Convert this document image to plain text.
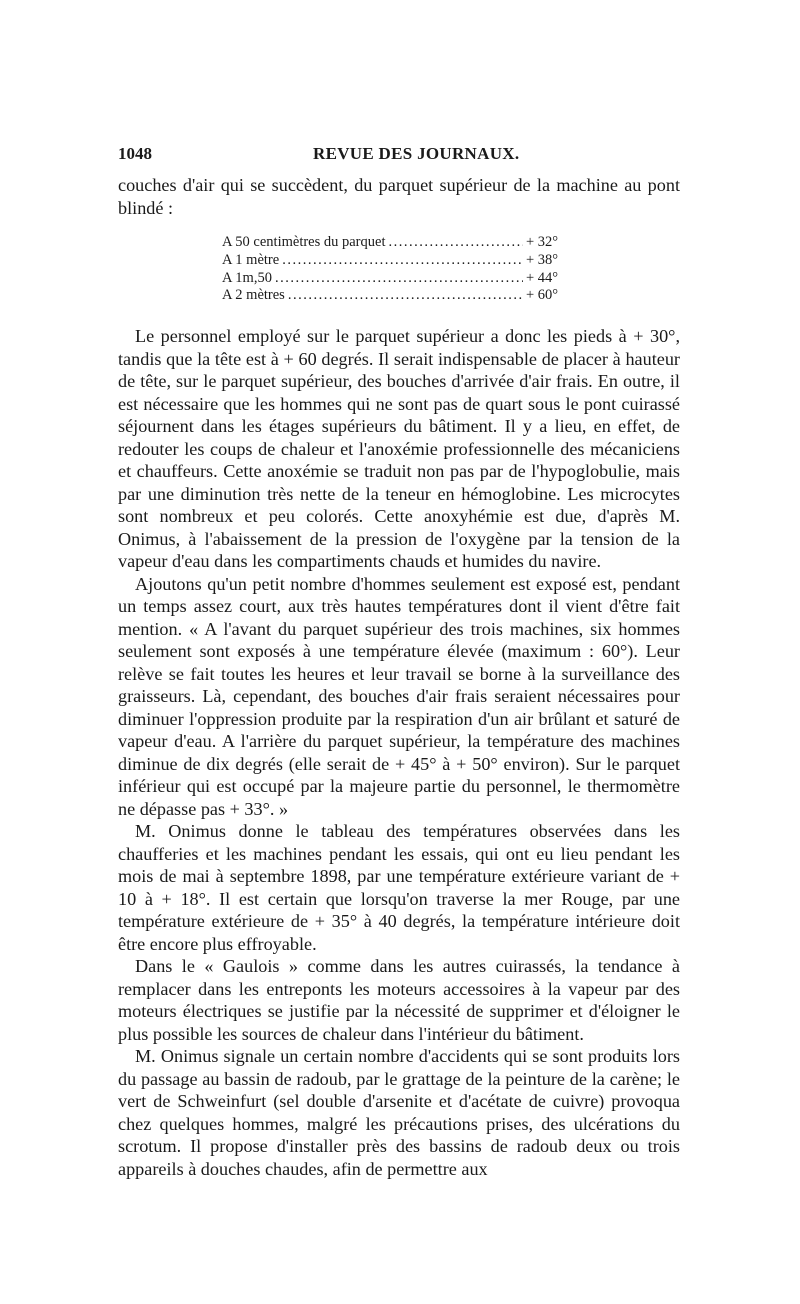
1048	REVUE DES JOURNAUX.

couches d'air qui se succèdent, du parquet supérieur de la machine au pont blindé :

A 50 centimètres du parquet .....	+ 32°
A 1 mètre .....	+ 38°
A 1m,50 .....	+ 44°
A 2 mètres .....	+ 60°

Le personnel employé sur le parquet supérieur a donc les pieds à + 30°, tandis que la tête est à + 60 degrés. Il serait indispensable de placer à hauteur de tête, sur le parquet supérieur, des bouches d'arrivée d'air frais. En outre, il est nécessaire que les hommes qui ne sont pas de quart sous le pont cuirassé séjournent dans les étages supérieurs du bâtiment. Il y a lieu, en effet, de redouter les coups de chaleur et l'anoxémie professionnelle des mécaniciens et chauffeurs. Cette anoxémie se traduit non pas par de l'hypoglobulie, mais par une diminution très nette de la teneur en hémoglobine. Les microcytes sont nombreux et peu colorés. Cette anoxyhémie est due, d'après M. Onimus, à l'abaissement de la pression de l'oxygène par la tension de la vapeur d'eau dans les compartiments chauds et humides du navire.

Ajoutons qu'un petit nombre d'hommes seulement est exposé est, pendant un temps assez court, aux très hautes températures dont il vient d'être fait mention. « A l'avant du parquet supérieur des trois machines, six hommes seulement sont exposés à une température élevée (maximum : 60°). Leur relève se fait toutes les heures et leur travail se borne à la surveillance des graisseurs. Là, cependant, des bouches d'air frais seraient nécessaires pour diminuer l'oppression produite par la respiration d'un air brûlant et saturé de vapeur d'eau. A l'arrière du parquet supérieur, la température des machines diminue de dix degrés (elle serait de + 45° à + 50° environ). Sur le parquet inférieur qui est occupé par la majeure partie du personnel, le thermomètre ne dépasse pas + 33°. »

M. Onimus donne le tableau des températures observées dans les chaufferies et les machines pendant les essais, qui ont eu lieu pendant les mois de mai à septembre 1898, par une température extérieure variant de + 10 à + 18°. Il est certain que lorsqu'on traverse la mer Rouge, par une température extérieure de + 35° à 40 degrés, la température intérieure doit être encore plus effroyable.

Dans le « Gaulois » comme dans les autres cuirassés, la tendance à remplacer dans les entreponts les moteurs accessoires à la vapeur par des moteurs électriques se justifie par la nécessité de supprimer et d'éloigner le plus possible les sources de chaleur dans l'intérieur du bâtiment.

M. Onimus signale un certain nombre d'accidents qui se sont produits lors du passage au bassin de radoub, par le grattage de la peinture de la carène; le vert de Schweinfurt (sel double d'arsenite et d'acétate de cuivre) provoqua chez quelques hommes, malgré les précautions prises, des ulcérations du scrotum. Il propose d'installer près des bassins de radoub deux ou trois appareils à douches chaudes, afin de permettre aux
